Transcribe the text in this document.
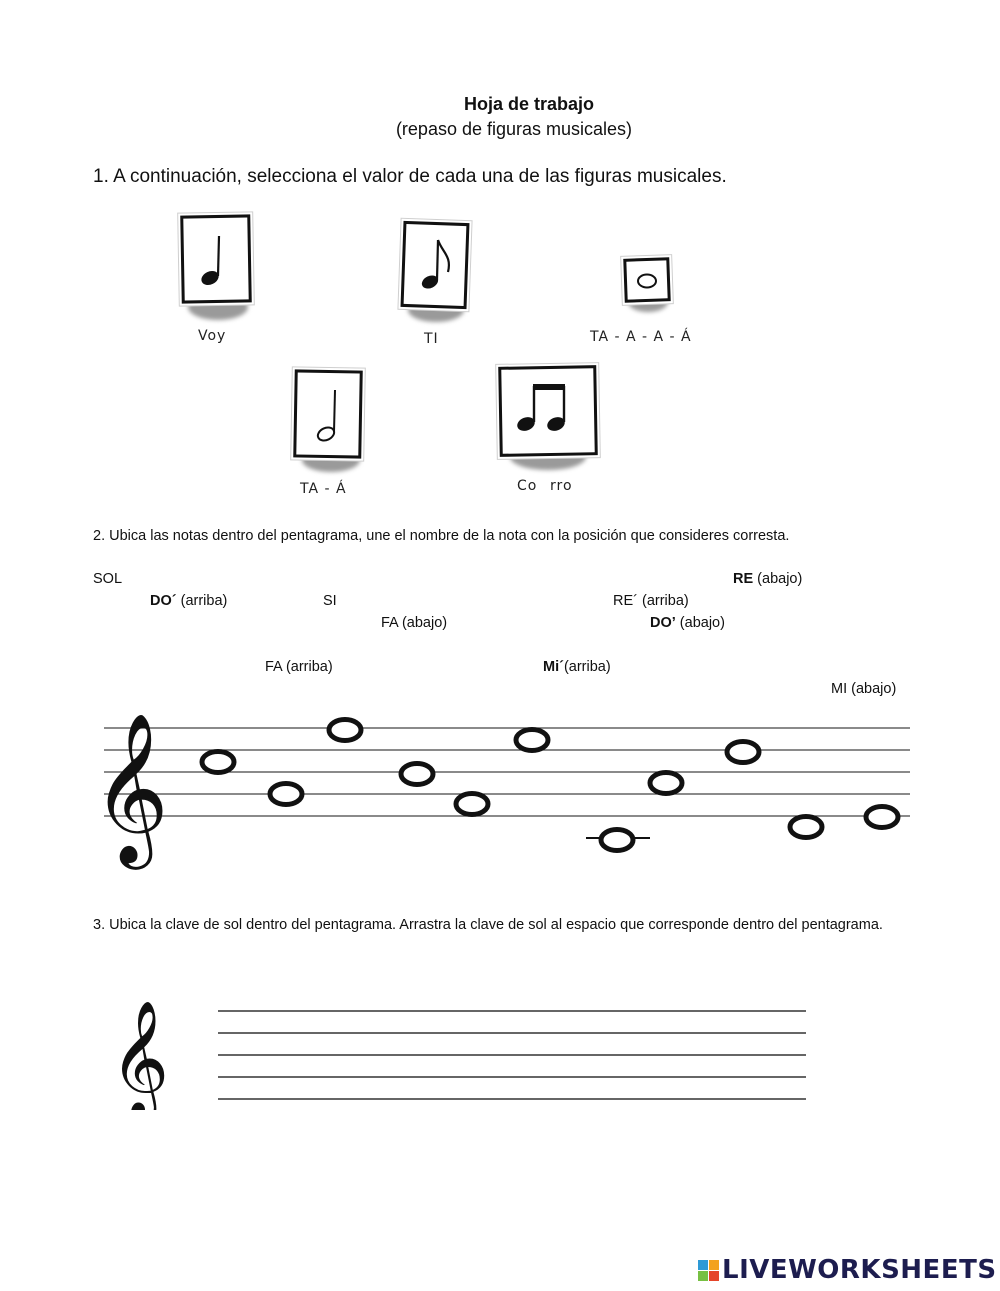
Hoja de trabajo
(repaso de figuras musicales)
1. A continuación, selecciona el valor de cada una de las figuras musicales.
Voy	TI	TA - A - A - Á
TA - Á	Co rro
2. Ubica las notas dentro del pentagrama, une el nombre de la nota con la posición que consideres corresta.
SOL	RE (abajo)
DO´ (arriba)	SI	RE´ (arriba)
FA (abajo)	DO’ (abajo)
FA (arriba)	Mi´(arriba)
MI (abajo)
𝄞
3. Ubica la clave de sol dentro del pentagrama. Arrastra la clave de sol al espacio que corresponde dentro del pentagrama.
𝄞
LIVEWORKSHEETS
